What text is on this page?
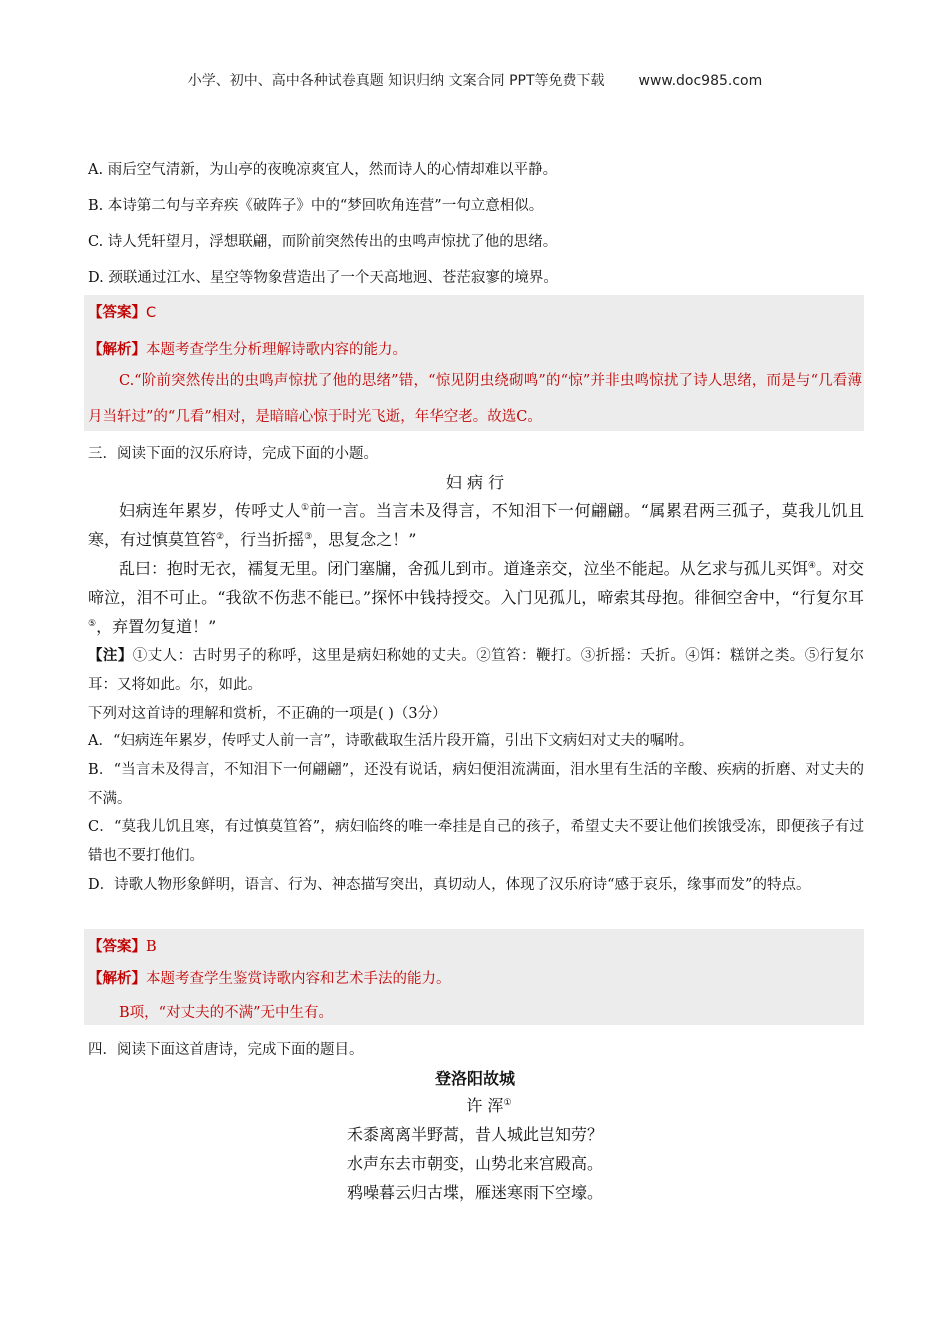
小学、初中、高中各种试卷真题 知识归纳 文案合同 PPT等免费下载 www.doc985.com
A. 雨后空气清新，为山亭的夜晚凉爽宜人，然而诗人的心情却难以平静。
B. 本诗第二句与辛弃疾《破阵子》中的“梦回吹角连营”一句立意相似。
C. 诗人凭轩望月，浮想联翩，而阶前突然传出的虫鸣声惊扰了他的思绪。
D. 颈联通过江水、星空等物象营造出了一个天高地迥、苍茫寂寥的境界。
【答案】C
【解析】本题考查学生分析理解诗歌内容的能力。
C.“阶前突然传出的虫鸣声惊扰了他的思绪”错，“惊见阴虫绕砌鸣”的“惊”并非虫鸣惊扰了诗人思绪，而是与“几看薄月当轩过”的“几看”相对，是暗暗心惊于时光飞逝，年华空老。故选C。
三．阅读下面的汉乐府诗，完成下面的小题。
妇 病 行
妇病连年累岁，传呼丈人①前一言。当言未及得言，不知泪下一何翩翩。“属累君两三孤子，莫我儿饥且寒，有过慎莫笪笞②，行当折摇③，思复念之！”
乱曰：抱时无衣，襦复无里。闭门塞牖，舍孤儿到市。道逢亲交，泣坐不能起。从乞求与孤儿买饵④。对交啼泣，泪不可止。“我欲不伤悲不能已。”探怀中钱持授交。入门见孤儿，啼索其母抱。徘徊空舍中，“行复尔耳⑤，弃置勿复道！”
【注】①丈人：古时男子的称呼，这里是病妇称她的丈夫。②笪笞：鞭打。③折摇：夭折。④饵：糕饼之类。⑤行复尔耳：又将如此。尔，如此。
下列对这首诗的理解和赏析，不正确的一项是( )（3分）
A．“妇病连年累岁，传呼丈人前一言”，诗歌截取生活片段开篇，引出下文病妇对丈夫的嘱咐。
B．“当言未及得言，不知泪下一何翩翩”，还没有说话，病妇便泪流满面，泪水里有生活的辛酸、疾病的折磨、对丈夫的不满。
C．“莫我儿饥且寒，有过慎莫笪笞”，病妇临终的唯一牵挂是自己的孩子，希望丈夫不要让他们挨饿受冻，即便孩子有过错也不要打他们。
D．诗歌人物形象鲜明，语言、行为、神态描写突出，真切动人，体现了汉乐府诗“感于哀乐，缘事而发”的特点。
【答案】B
【解析】本题考查学生鉴赏诗歌内容和艺术手法的能力。
B项，“对丈夫的不满”无中生有。
四．阅读下面这首唐诗，完成下面的题目。
登洛阳故城
许 浑①
禾黍离离半野蒿，昔人城此岂知劳？
水声东去市朝变，山势北来宫殿高。
鸦噪暮云归古堞，雁迷寒雨下空壕。
